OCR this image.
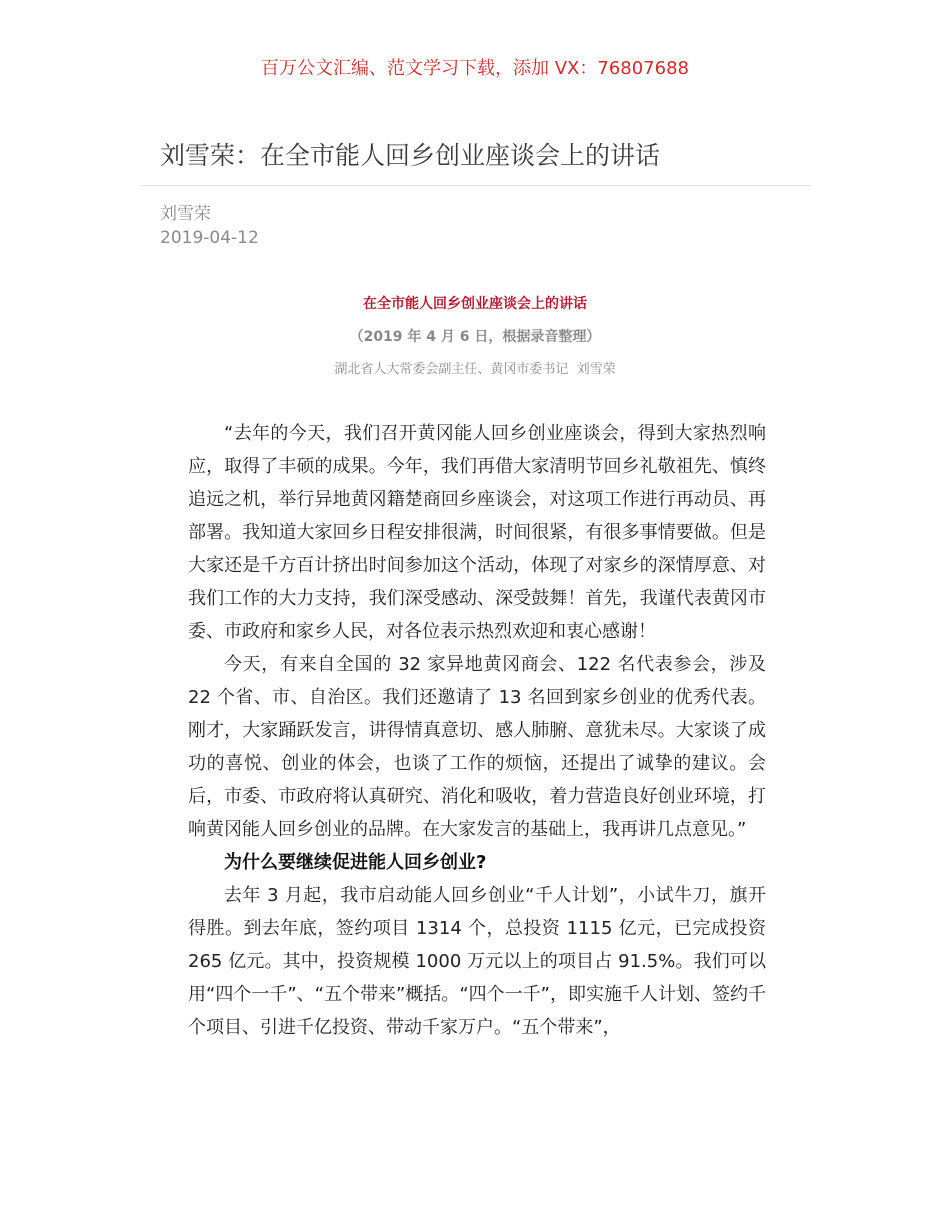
百万公文汇编、范文学习下载，添加 VX：76807688
刘雪荣：在全市能人回乡创业座谈会上的讲话
刘雪荣
2019-04-12
在全市能人回乡创业座谈会上的讲话
（2019 年 4 月 6 日，根据录音整理）
湖北省人大常委会副主任、黄冈市委书记  刘雪荣

“去年的今天，我们召开黄冈能人回乡创业座谈会，得到大家热烈响应，取得了丰硕的成果。今年，我们再借大家清明节回乡礼敬祖先、慎终追远之机，举行异地黄冈籍楚商回乡座谈会，对这项工作进行再动员、再部署。我知道大家回乡日程安排很满，时间很紧，有很多事情要做。但是大家还是千方百计挤出时间参加这个活动，体现了对家乡的深情厚意、对我们工作的大力支持，我们深受感动、深受鼓舞！首先，我谨代表黄冈市委、市政府和家乡人民，对各位表示热烈欢迎和衷心感谢！

今天，有来自全国的 32 家异地黄冈商会、122 名代表参会，涉及 22 个省、市、自治区。我们还邀请了 13 名回到家乡创业的优秀代表。刚才，大家踊跃发言，讲得情真意切、感人肺腑、意犹未尽。大家谈了成功的喜悦、创业的体会，也谈了工作的烦恼，还提出了诚挚的建议。会后，市委、市政府将认真研究、消化和吸收，着力营造良好创业环境，打响黄冈能人回乡创业的品牌。在大家发言的基础上，我再讲几点意见。”

为什么要继续促进能人回乡创业?

去年 3 月起，我市启动能人回乡创业“千人计划”，小试牛刀，旗开得胜。到去年底，签约项目 1314 个，总投资 1115 亿元，已完成投资 265 亿元。其中，投资规模 1000 万元以上的项目占 91.5%。我们可以用“四个一千”、“五个带来”概括。“四个一千”，即实施千人计划、签约千个项目、引进千亿投资、带动千家万户。“五个带来”，
